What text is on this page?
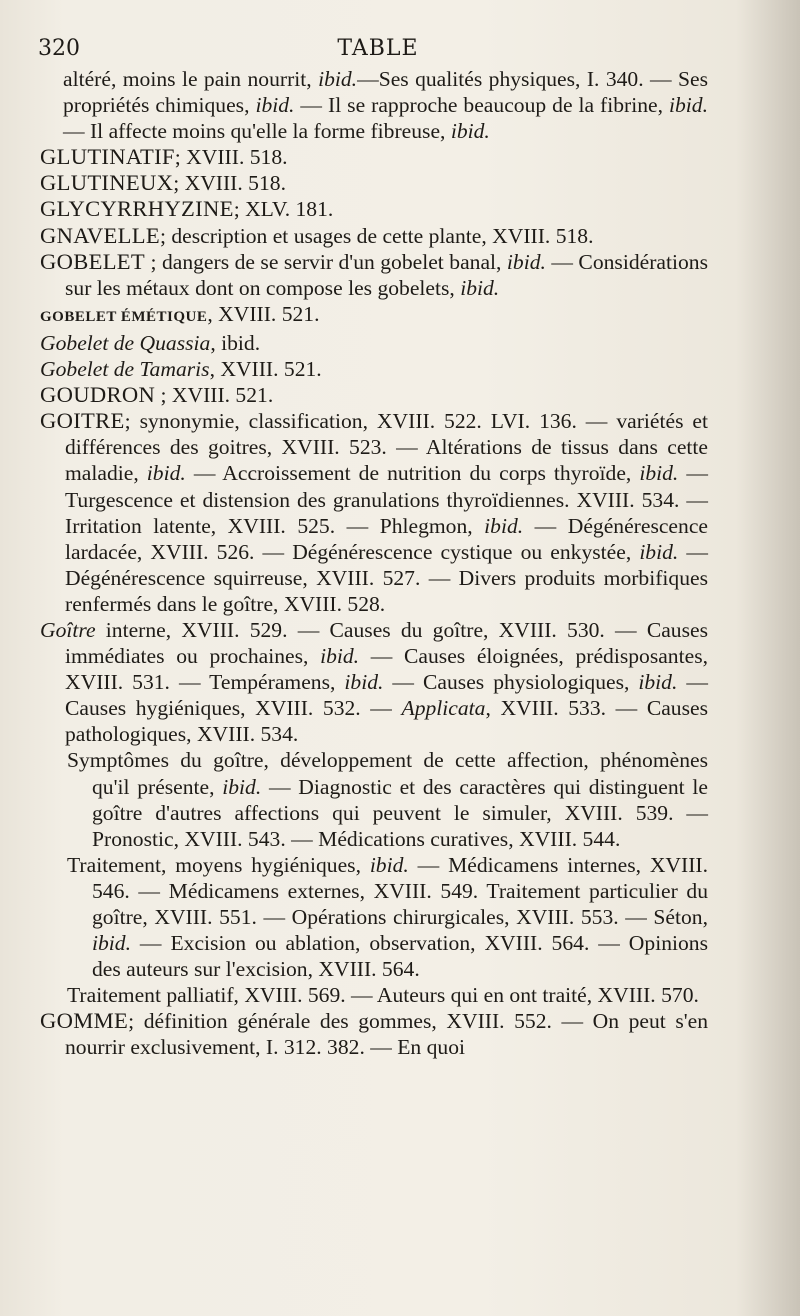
320	TABLE

altéré, moins le pain nourrit, ibid.—Ses qualités physiques, I. 340. — Ses propriétés chimiques, ibid. — Il se rapproche beaucoup de la fibrine, ibid. — Il affecte moins qu'elle la forme fibreuse, ibid.

GLUTINATIF; XVIII. 518.

GLUTINEUX; XVIII. 518.

GLYCYRRHYZINE; XLV. 181.

GNAVELLE; description et usages de cette plante, XVIII. 518.

GOBELET ; dangers de se servir d'un gobelet banal, ibid. — Considérations sur les métaux dont on compose les gobelets, ibid.

GOBELET ÉMÉTIQUE, XVIII. 521.

Gobelet de Quassia, ibid.

Gobelet de Tamaris, XVIII. 521.

GOUDRON ; XVIII. 521.

GOITRE; synonymie, classification, XVIII. 522. LVI. 136. — variétés et différences des goitres, XVIII. 523. — Altérations de tissus dans cette maladie, ibid. — Accroissement de nutrition du corps thyroïde, ibid. — Turgescence et distension des granulations thyroïdiennes. XVIII. 534. — Irritation latente, XVIII. 525. — Phlegmon, ibid. — Dégénérescence lardacée, XVIII. 526. — Dégénérescence cystique ou enkystée, ibid. — Dégénérescence squirreuse, XVIII. 527. — Divers produits morbifiques renfermés dans le goître, XVIII. 528.

Goître interne, XVIII. 529. — Causes du goître, XVIII. 530. — Causes immédiates ou prochaines, ibid. — Causes éloignées, prédisposantes, XVIII. 531. — Tempéramens, ibid. — Causes physiologiques, ibid. — Causes hygiéniques, XVIII. 532. — Applicata, XVIII. 533. — Causes pathologiques, XVIII. 534.

Symptômes du goître, développement de cette affection, phénomènes qu'il présente, ibid. — Diagnostic et des caractères qui distinguent le goître d'autres affections qui peuvent le simuler, XVIII. 539. — Pronostic, XVIII. 543. — Médications curatives, XVIII. 544.

Traitement, moyens hygiéniques, ibid. — Médicamens internes, XVIII. 546. — Médicamens externes, XVIII. 549. Traitement particulier du goître, XVIII. 551. — Opérations chirurgicales, XVIII. 553. — Séton, ibid. — Excision ou ablation, observation, XVIII. 564. — Opinions des auteurs sur l'excision, XVIII. 564.

Traitement palliatif, XVIII. 569. — Auteurs qui en ont traité, XVIII. 570.

GOMME; définition générale des gommes, XVIII. 552. — On peut s'en nourrir exclusivement, I. 312. 382. — En quoi
